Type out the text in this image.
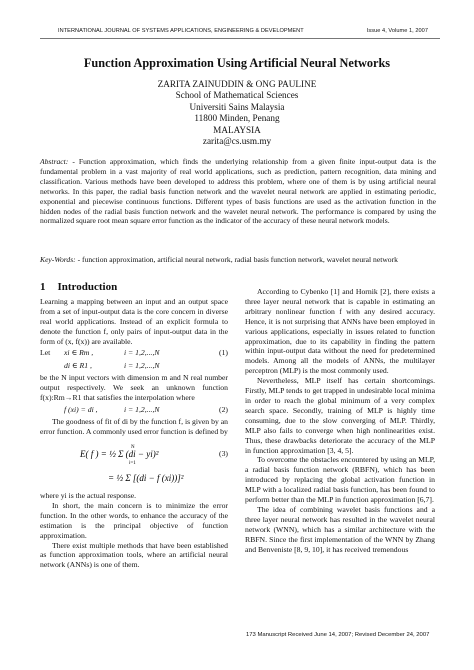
INTERNATIONAL JOURNAL OF SYSTEMS APPLICATIONS, ENGINEERING & DEVELOPMENT	Issue 4, Volume 1, 2007
Function Approximation Using Artificial Neural Networks
ZARITA ZAINUDDIN & ONG PAULINE
School of Mathematical Sciences
Universiti Sains Malaysia
11800 Minden, Penang
MALAYSIA
zarita@cs.usm.my
Abstract: - Function approximation, which finds the underlying relationship from a given finite input-output data is the fundamental problem in a vast majority of real world applications, such as prediction, pattern recognition, data mining and classification. Various methods have been developed to address this problem, where one of them is by using artificial neural networks. In this paper, the radial basis function network and the wavelet neural network are applied in estimating periodic, exponential and piecewise continuous functions. Different types of basis functions are used as the activation function in the hidden nodes of the radial basis function network and the wavelet neural network. The performance is compared by using the normalized square root mean square error function as the indicator of the accuracy of these neural network models.
Key-Words: - function approximation, artificial neural network, radial basis function network, wavelet neural network
1 Introduction

Learning a mapping between an input and an output space from a set of input-output data is the core concern in diverse real world applications. Instead of an explicit formula to denote the function f, only pairs of input-output data in the form of (x, f(x)) are available.

Let	xi ∈ Rm ,	i = 1,2,...,N	(1)
di ∈ R1 ,	i = 1,2,...,N

be the N input vectors with dimension m and N real number output respectively. We seek an unknown function f(x):Rm→R1 that satisfies the interpolation where

f (xi) = di ,	i = 1,2,...,N	(2)

The goodness of fit of di by the function f, is given by an error function. A commonly used error function is defined by

E( f ) = ½ Σ (di − yi)²
= ½ Σ [(di − f (xi))]²
N
i=1
(3)

where yi is the actual response.

In short, the main concern is to minimize the error function. In the other words, to enhance the accuracy of the estimation is the principal objective of function approximation.

There exist multiple methods that have been established as function approximation tools, where an artificial neural network (ANNs) is one of them.

According to Cybenko [1] and Hornik [2], there exists a three layer neural network that is capable in estimating an arbitrary nonlinear function f with any desired accuracy. Hence, it is not surprising that ANNs have been employed in various applications, especially in issues related to function approximation, due to its capability in finding the pattern within input-output data without the need for predetermined models. Among all the models of ANNs, the multilayer perceptron (MLP) is the most commonly used.

Nevertheless, MLP itself has certain shortcomings. Firstly, MLP tends to get trapped in undesirable local minima in order to reach the global minimum of a very complex search space. Secondly, training of MLP is highly time consuming, due to the slow converging of MLP. Thirdly, MLP also fails to converge when high nonlinearities exist. Thus, these drawbacks deteriorate the accuracy of the MLP in function approximation [3, 4, 5].

To overcome the obstacles encountered by using an MLP, a radial basis function network (RBFN), which has been introduced by replacing the global activation function in MLP with a localized radial basis function, has been found to perform better than the MLP in function approximation [6,7].

The idea of combining wavelet basis functions and a three layer neural network has resulted in the wavelet neural network (WNN), which has a similar architecture with the RBFN. Since the first implementation of the WNN by Zhang and Benveniste [8, 9, 10], it has received tremendous

173 Manuscript Received June 14, 2007; Revised December 24, 2007
